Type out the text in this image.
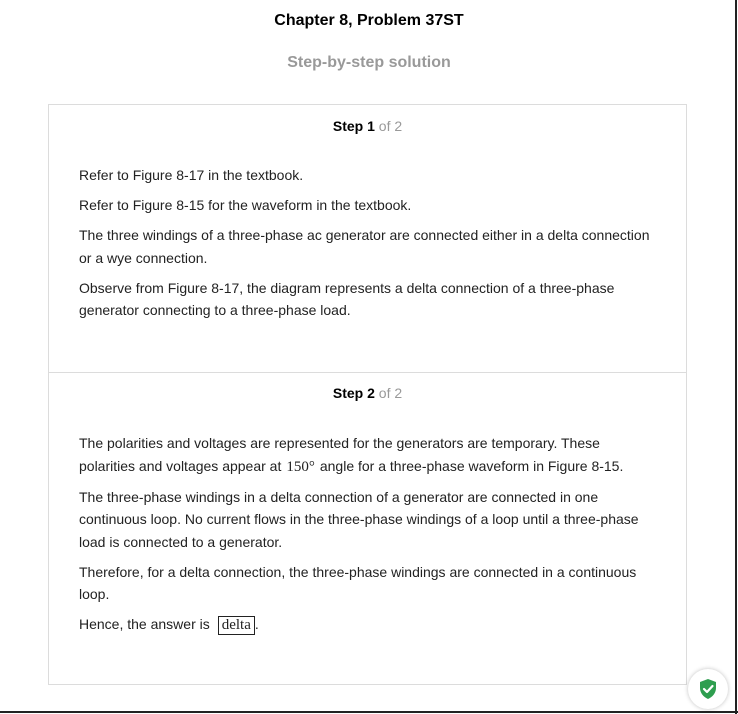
Chapter 8, Problem 37ST
Step-by-step solution
Step 1 of 2

Refer to Figure 8-17 in the textbook.

Refer to Figure 8-15 for the waveform in the textbook.

The three windings of a three-phase ac generator are connected either in a delta connection or a wye connection.

Observe from Figure 8-17, the diagram represents a delta connection of a three-phase generator connecting to a three-phase load.

Step 2 of 2

The polarities and voltages are represented for the generators are temporary. These polarities and voltages appear at 150° angle for a three-phase waveform in Figure 8-15.

The three-phase windings in a delta connection of a generator are connected in one continuous loop. No current flows in the three-phase windings of a loop until a three-phase load is connected to a generator.

Therefore, for a delta connection, the three-phase windings are connected in a continuous loop.

Hence, the answer is delta .
